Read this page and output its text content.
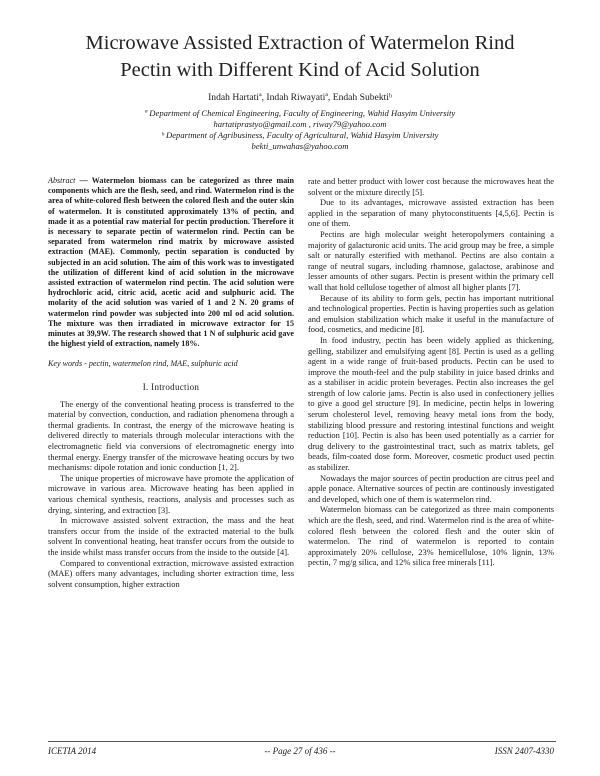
Microwave Assisted Extraction of Watermelon Rind
Pectin with Different Kind of Acid Solution
Indah Hartatiª, Indah Riwayatiª, Endah Subektiᵇ
ª Department of Chemical Engineering, Faculty of Engineering, Wahid Hasyim University
hartatiprastyo@gmail.com , riway79@yahoo.com
ᵇ Department of Agribusiness, Faculty of Agricultural, Wahid Hasyim University
bekti_unwahas@yahoo.com

Abstract — Watermelon biomass can be categorized as three main components which are the flesh, seed, and rind. Watermelon rind is the area of white-colored flesh between the colored flesh and the outer skin of watermelon. It is constituted approximately 13% of pectin, and made it as a potential raw material for pectin production. Therefore it is necessary to separate pectin of watermelon rind. Pectin can be separated from watermelon rind matrix by microwave assisted extraction (MAE). Commonly, pectin separation is conducted by subjected in an acid solution. The aim of this work was to investigated the utilization of different kind of acid solution in the microwave assisted extraction of watermelon rind pectin. The acid solution were hydrochloric acid, citric acid, acetic acid and sulphuric acid. The molarity of the acid solution was varied of 1 and 2 N. 20 grams of watermelon rind powder was subjected into 200 ml od acid solution. The mixture was then irradiated in microwave extractor for 15 minutes at 39,9W. The research showed that 1 N of sulphuric acid gave the highest yield of extraction, namely 18%.

Key words - pectin, watermelon rind, MAE, sulphuric acid

I. Introduction

The energy of the conventional heating process is transferred to the material by convection, conduction, and radiation phenomena through a thermal gradients. In contrast, the energy of the microwave heating is delivered directly to materials through molecular interactions with the electromagnetic field via conversions of electromagnetic energy into thermal energy. Energy transfer of the microwave heating occurs by two mechanisms: dipole rotation and ionic conduction [1, 2].

The unique properties of microwave have promote the application of microwave in various area. Microwave heating has been applied in various chemical synthesis, reactions, analysis and processes such as drying, sintering, and extraction [3].

In microwave assisted solvent extraction, the mass and the heat transfers occur from the inside of the extracted material to the bulk solvent In conventional heating, heat transfer occurs from the outside to the inside whilst mass transfer occurs from the inside to the outside [4].

Compared to conventional extraction, microwave assisted extraction (MAE) offers many advantages, including shorter extraction time, less solvent consumption, higher extraction

rate and better product with lower cost because the microwaves heat the solvent or the mixture directly [5].

Due to its advantages, microwave assisted extraction has been applied in the separation of many phytoconstituents [4,5,6]. Pectin is one of them.

Pectins are high molecular weight heteropolymers containing a majority of galacturonic acid units. The acid group may be free, a simple salt or naturally esterified with methanol. Pectins are also contain a range of neutral sugars, including rhamnose, galactose, arabinose and lesser amounts of other sugars. Pectin is present within the primary cell wall that hold cellulose together of almost all higher plants [7].

Because of its ability to form gels, pectin has important nutritional and technological properties. Pectin is having properties such as gelation and emulsion stabilization which make it useful in the manufacture of food, cosmetics, and medicine [8].

In food industry, pectin has been widely applied as thickening, gelling, stabilizer and emulsifying agent [8]. Pectin is used as a gelling agent in a wide range of fruit-based products. Pectin can be used to improve the mouth-feel and the pulp stability in juice based drinks and as a stabiliser in acidic protein beverages. Pectin also increases the gel strength of low calorie jams. Pectin is also used in confectionery jellies to give a good gel structure [9]. In medicine, pectin helps in lowering serum cholesterol level, removing heavy metal ions from the body, stabilizing blood pressure and restoring intestinal functions and weight reduction [10]. Pectin is also has been used potentially as a carrier for drug delivery to the gastrointestinal tract, such as matrix tablets, gel beads, film-coated dose form. Moreover, cosmetic product used pectin as stabilizer.

Nowadays the major sources of pectin production are citrus peel and apple ponace. Alternative sources of pectin are continously investigated and developed, which one of them is watermelon rind.

Watermelon biomass can be categorized as three main components which are the flesh, seed, and rind. Watermelon rind is the area of white-colored flesh between the colored flesh and the outer skin of watermelon. The rind of watermelon is reported to contain approximately 20% cellulose, 23% hemicellulose, 10% lignin, 13% pectin, 7 mg/g silica, and 12% silica free minerals [11].

ICETIA 2014	-- Page 27 of 436 --	ISSN 2407-4330
